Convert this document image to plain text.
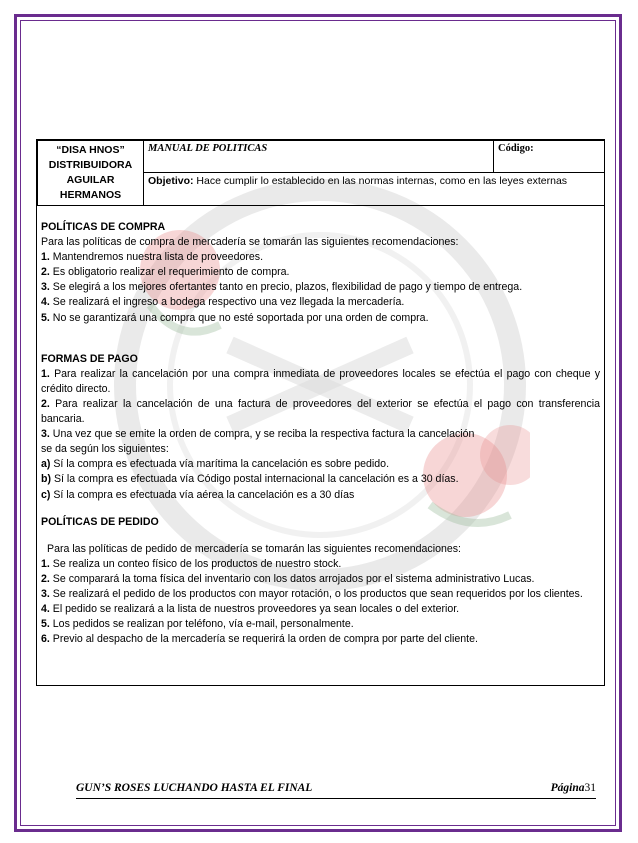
“DISA HNOS”
DISTRIBUIDORA
AGUILAR
HERMANOS
	MANUAL DE POLITICAS	Código:
Objetivo: Hace cumplir lo establecido en las normas internas, como en las leyes externas
POLÍTICAS DE COMPRA
Para las políticas de compra de mercadería se tomarán las siguientes recomendaciones:
1. Mantendremos nuestra lista de proveedores.
2. Es obligatorio realizar el requerimiento de compra.
3. Se elegirá a los mejores ofertantes tanto en precio, plazos, flexibilidad de pago y tiempo de entrega.
4. Se realizará el ingreso a bodega respectivo una vez llegada la mercadería.
5. No se garantizará una compra que no esté soportada por una orden de compra.
FORMAS DE PAGO
1. Para realizar la cancelación por una compra inmediata de proveedores locales se efectúa el pago con cheque y crédito directo.
2. Para realizar la cancelación de una factura de proveedores del exterior se efectúa el pago con transferencia bancaria.
3. Una vez que se emite la orden de compra, y se reciba la respectiva factura la cancelación
se da según los siguientes:
a) Sí la compra es efectuada vía marítima la cancelación es sobre pedido.
b) Sí la compra es efectuada vía Código postal internacional la cancelación es a 30 días.
c) Sí la compra es efectuada vía aérea la cancelación es a 30 días
POLÍTICAS DE PEDIDO
Para las políticas de pedido de mercadería se tomarán las siguientes recomendaciones:
1. Se realiza un conteo físico de los productos de nuestro stock.
2. Se comparará la toma física del inventario con los datos arrojados por el sistema administrativo Lucas.
3. Se realizará el pedido de los productos con mayor rotación, o los productos que sean requeridos por los clientes.
4. El pedido se realizará a la lista de nuestros proveedores ya sean locales o del exterior.
5. Los pedidos se realizan por teléfono, vía e-mail, personalmente.
6. Previo al despacho de la mercadería se requerirá la orden de compra por parte del cliente.
GUN’S ROSES LUCHANDO HASTA EL FINAL	Página31
